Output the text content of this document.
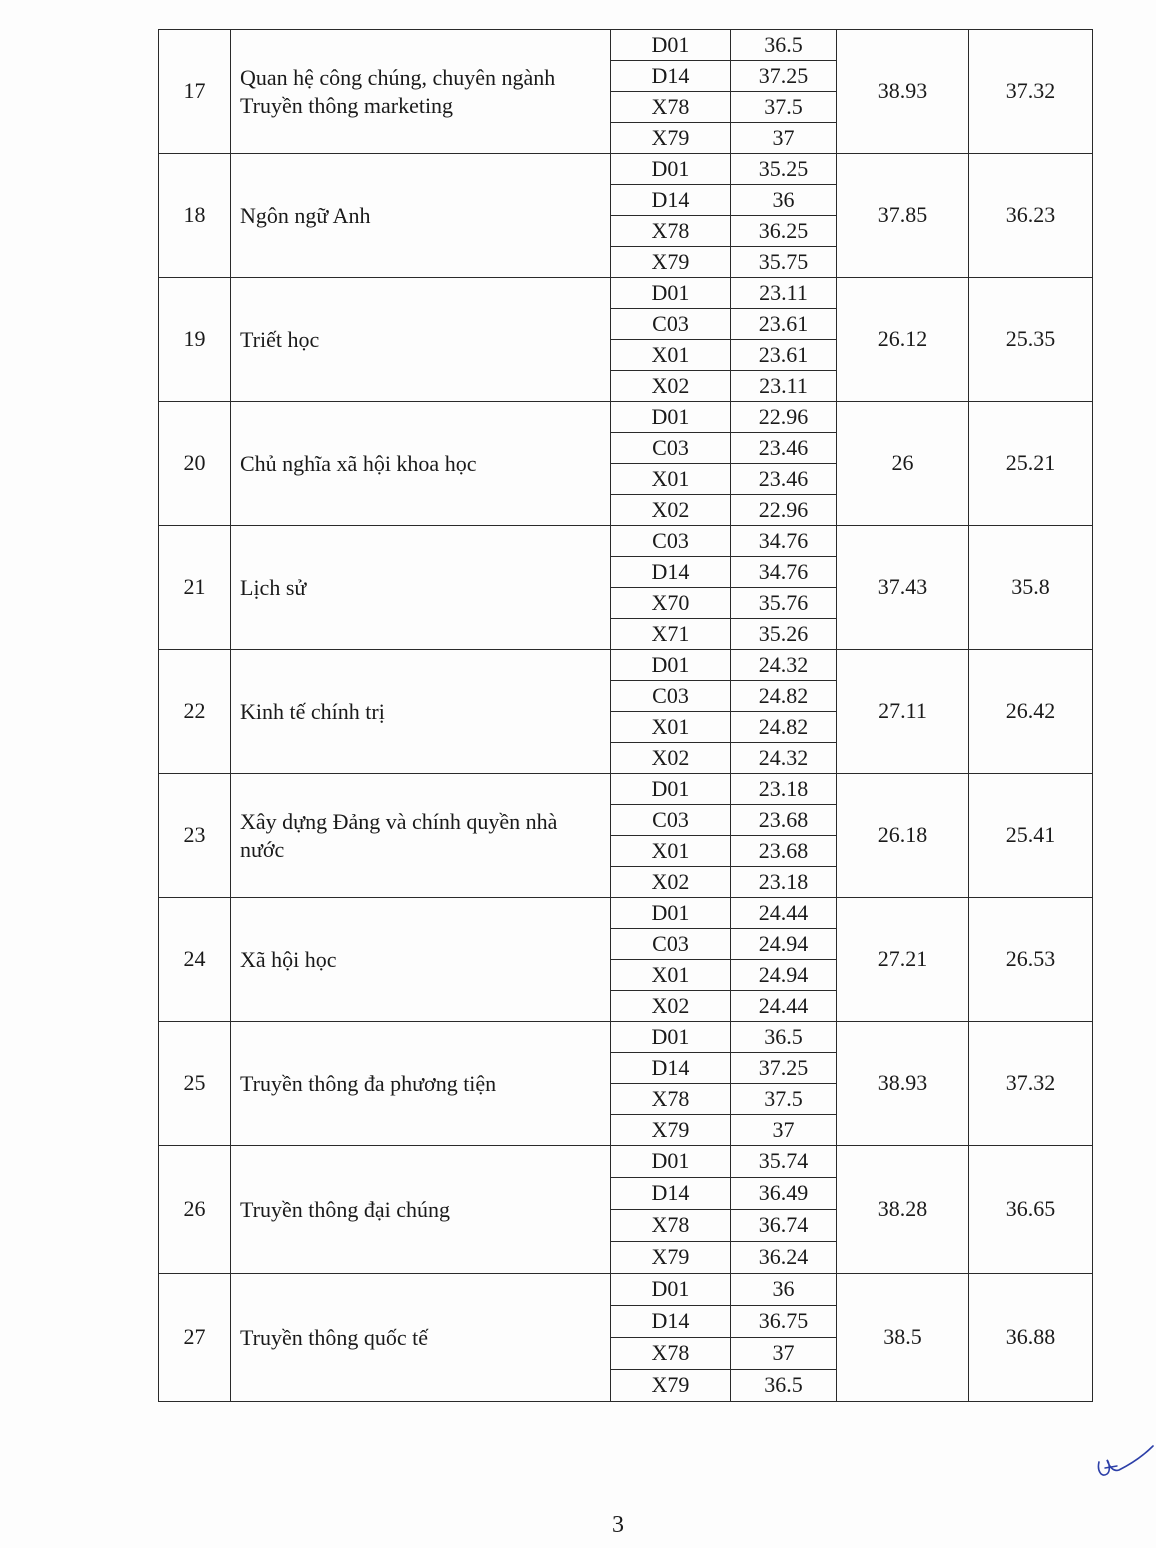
17	Quan hệ công chúng, chuyên ngành Truyền thông marketing	D01	36.5	38.93	37.32
		D14	37.25		
		X78	37.5		
		X79	37		
18	Ngôn ngữ Anh	D01	35.25	37.85	36.23
		D14	36		
		X78	36.25		
		X79	35.75		
19	Triết học	D01	23.11	26.12	25.35
		C03	23.61		
		X01	23.61		
		X02	23.11		
20	Chủ nghĩa xã hội khoa học	D01	22.96	26	25.21
		C03	23.46		
		X01	23.46		
		X02	22.96		
21	Lịch sử	C03	34.76	37.43	35.8
		D14	34.76		
		X70	35.76		
		X71	35.26		
22	Kinh tế chính trị	D01	24.32	27.11	26.42
		C03	24.82		
		X01	24.82		
		X02	24.32		
23	Xây dựng Đảng và chính quyền nhà nước	D01	23.18	26.18	25.41
		C03	23.68		
		X01	23.68		
		X02	23.18		
24	Xã hội học	D01	24.44	27.21	26.53
		C03	24.94		
		X01	24.94		
		X02	24.44		
25	Truyền thông đa phương tiện	D01	36.5	38.93	37.32
		D14	37.25		
		X78	37.5		
		X79	37		
26	Truyền thông đại chúng	D01	35.74	38.28	36.65
		D14	36.49		
		X78	36.74		
		X79	36.24		
27	Truyền thông quốc tế	D01	36	38.5	36.88
		D14	36.75		
		X78	37		
		X79	36.5		
3
